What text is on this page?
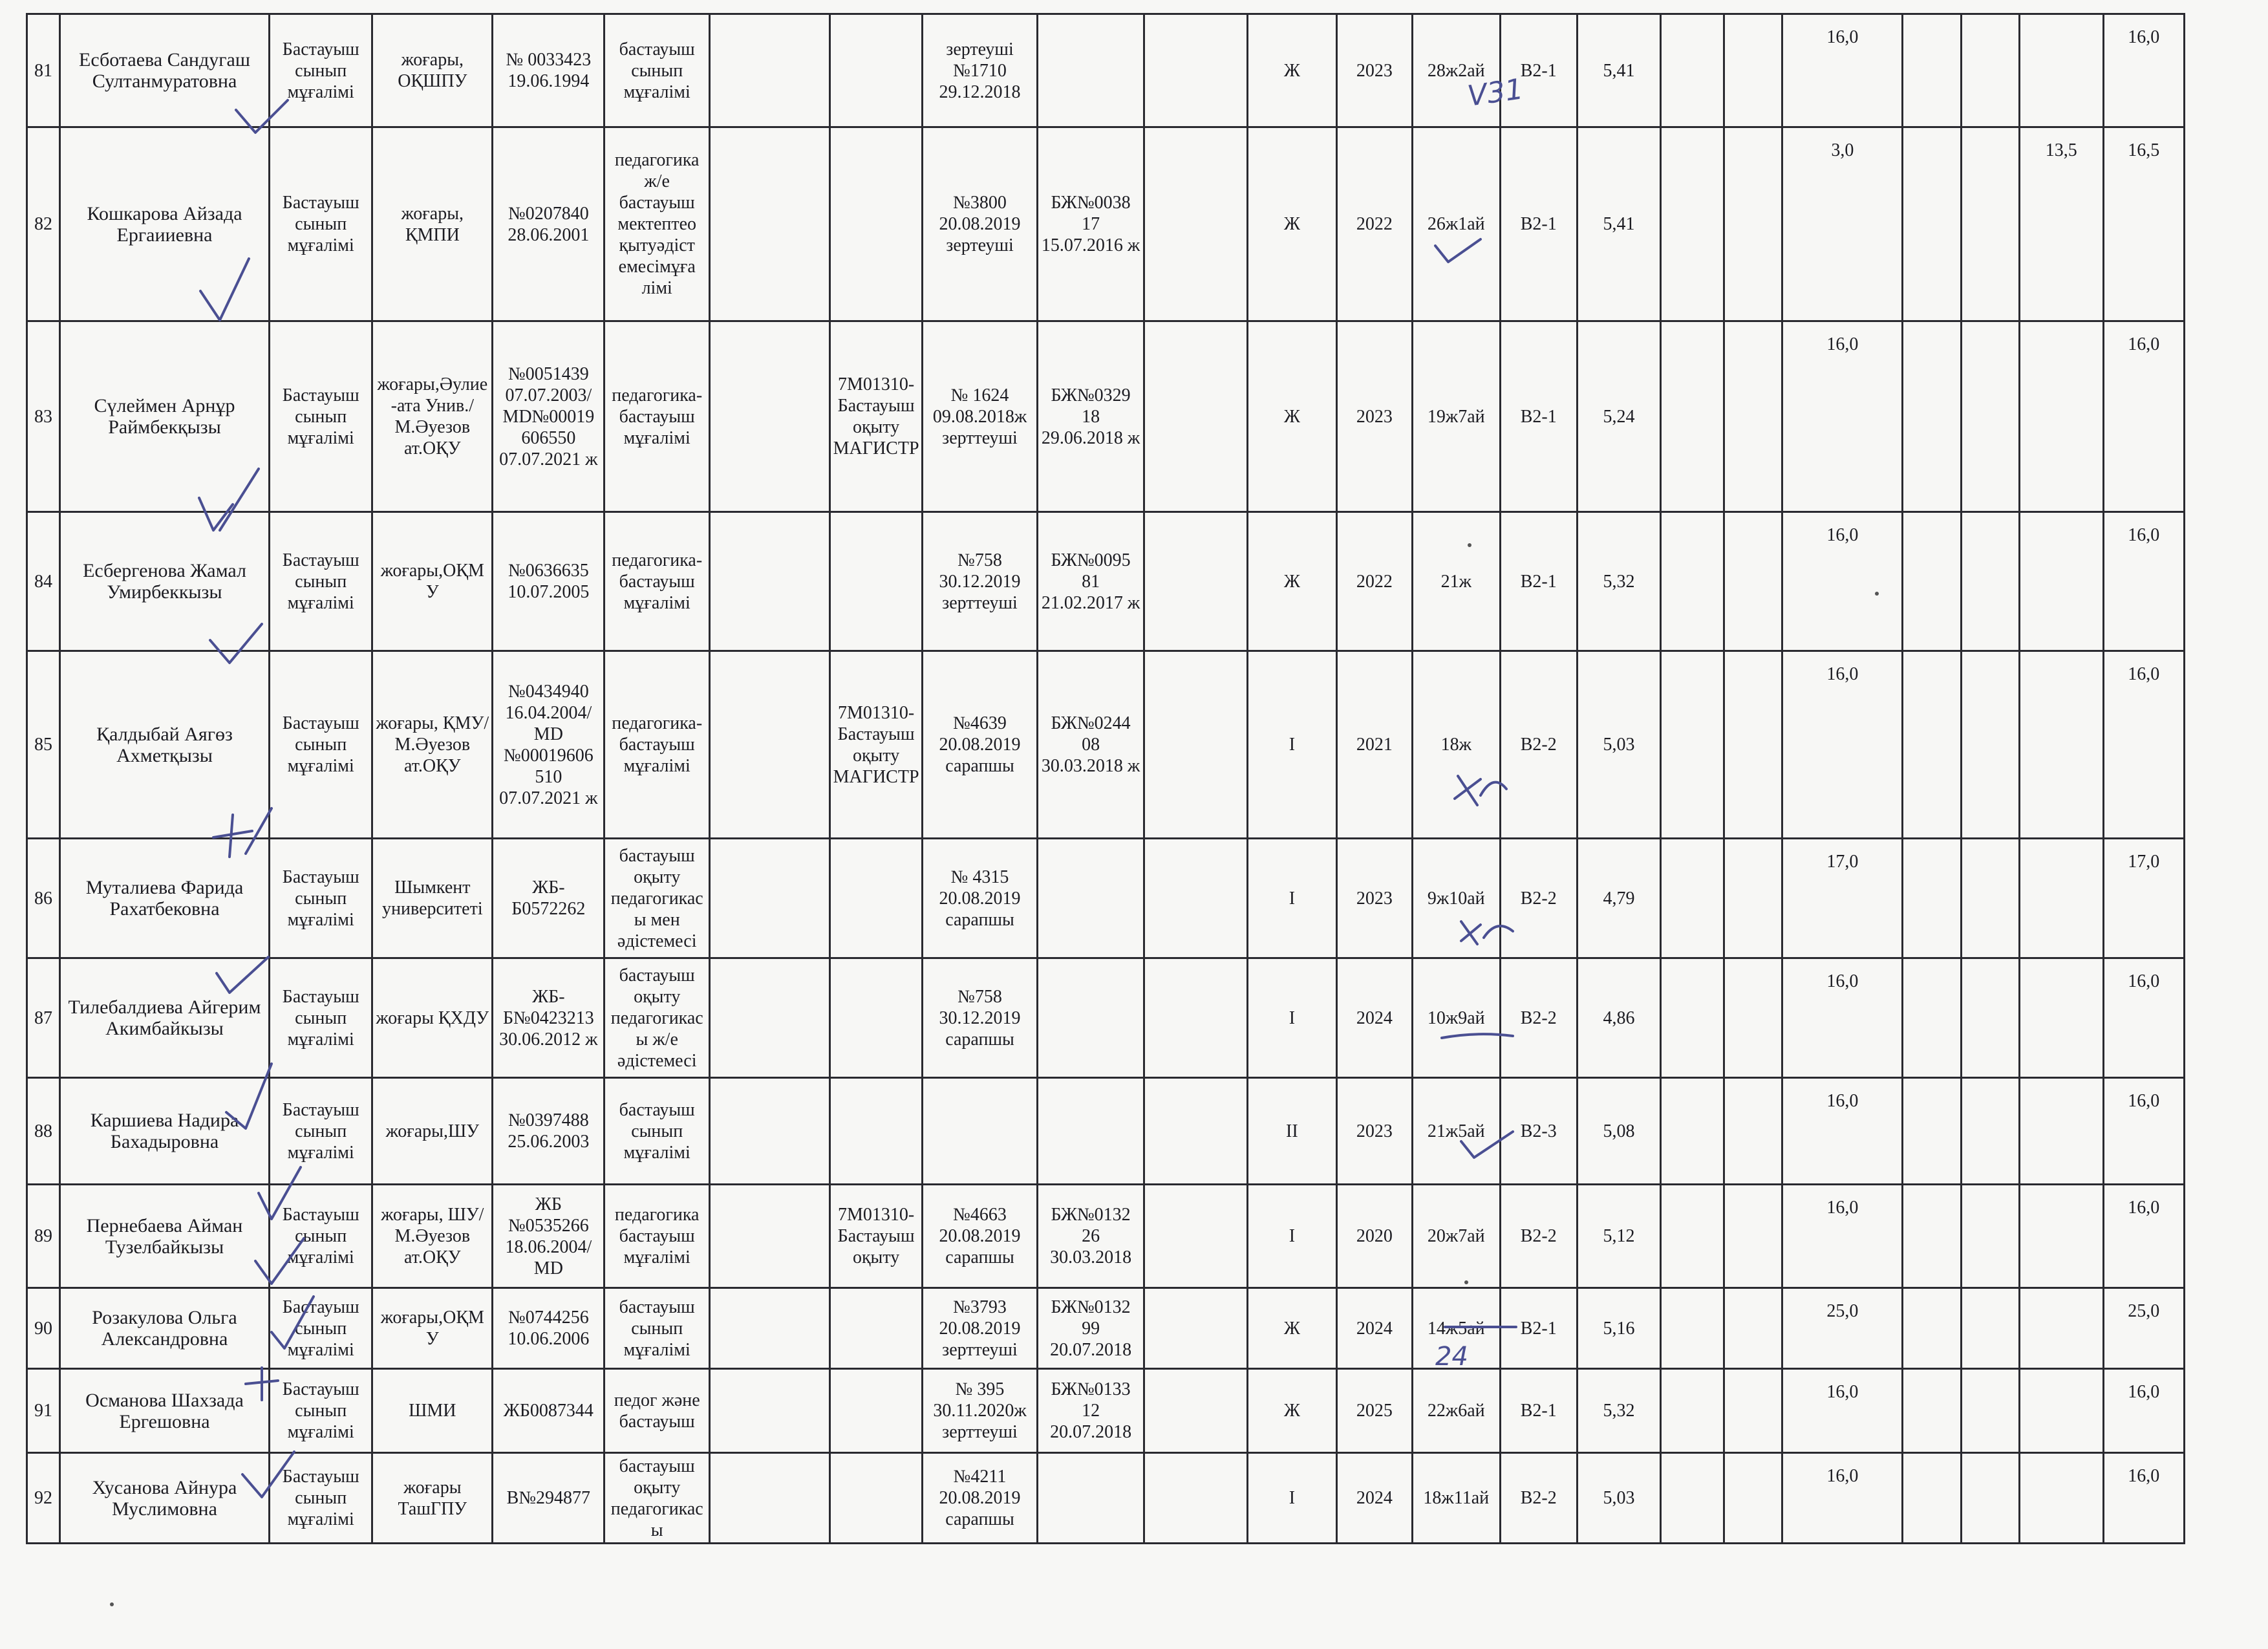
81	Есботаева Сандугаш Султанмуратовна	Бастауыш сынып мұғалімі	жоғары, ОҚШПУ	№ 0033423 19.06.1994	бастауыш сынып мұғалімі			зертеуші №1710 29.12.2018			Ж	2023	28ж2ай	В2-1	5,41			16,0				16,0

82	Кошкарова Айзада Ергаииевна	Бастауыш сынып мұғалімі	жоғары, ҚМПИ	№0207840 28.06.2001	педагогика ж/е бастауыш мектептео қытуәдіст емесімұға лімі			№3800 20.08.2019 зертеуші	БЖ№0038 17 15.07.2016 ж		Ж	2022	26ж1ай	В2-1	5,41			3,0			13,5	16,5

83	Сүлеймен Арнұр Раймбекқызы	Бастауыш сынып мұғалімі	жоғары,Әулие-ата Унив./ М.Әуезов ат.ОҚУ	№0051439 07.07.2003/ MD№00019 606550 07.07.2021 ж	педагогика-бастауыш мұғалімі		7М01310-Бастауыш оқыту МАГИСТР	№ 1624 09.08.2018ж зерттеуші	БЖ№0329 18 29.06.2018 ж		Ж	2023	19ж7ай	В2-1	5,24			16,0				16,0

84	Есбергенова Жамал Умирбеккызы	Бастауыш сынып мұғалімі	жоғары,ОҚМУ	№0636635 10.07.2005	педагогика-бастауыш мұғалімі			№758 30.12.2019 зерттеуші	БЖ№0095 81 21.02.2017 ж		Ж	2022	21ж	В2-1	5,32			16,0				16,0

85	Қалдыбай Аягөз Ахметқызы	Бастауыш сынып мұғалімі	жоғары, ҚМУ/М.Әуезов ат.ОҚУ	№0434940 16.04.2004/ MD №00019606 510 07.07.2021 ж	педагогика-бастауыш мұғалімі		7М01310-Бастауыш оқыту МАГИСТР	№4639 20.08.2019 сарапшы	БЖ№0244 08 30.03.2018 ж		I	2021	18ж	В2-2	5,03			16,0				16,0

86	Муталиева Фарида Рахатбековна	Бастауыш сынып мұғалімі	Шымкент университеті	ЖБ-Б0572262	бастауыш оқыту педагогикасы мен әдістемесі			№ 4315 20.08.2019 сарапшы			I	2023	9ж10ай	В2-2	4,79			17,0				17,0

87	Тилебалдиева Айгерим Акимбайкызы	Бастауыш сынып мұғалімі	жоғары ҚХДУ	ЖБ-Б№0423213 30.06.2012 ж	бастауыш оқыту педагогикасы ж/е әдістемесі			№758 30.12.2019 сарапшы			I	2024	10ж9ай	В2-2	4,86			16,0				16,0

88	Каршиева Надира Бахадыровна	Бастауыш сынып мұғалімі	жоғары,ШУ	№0397488 25.06.2003	бастауыш сынып мұғалімі						II	2023	21ж5ай	В2-3	5,08			16,0				16,0

89	Пернебаева Айман Тузелбайкызы	Бастауыш сынып мұғалімі	жоғары, ШУ/М.Әуезов ат.ОҚУ	ЖБ №0535266 18.06.2004/ MD	педагогика бастауыш мұғалімі		7М01310-Бастауыш оқыту	№4663 20.08.2019 сарапшы	БЖ№0132 26 30.03.2018		I	2020	20ж7ай	В2-2	5,12			16,0				16,0

90	Розакулова Ольга Александровна	Бастауыш сынып мұғалімі	жоғары,ОҚМУ	№0744256 10.06.2006	бастауыш сынып мұғалімі			№3793 20.08.2019 зерттеуші	БЖ№0132 99 20.07.2018		Ж	2024	14ж5ай	В2-1	5,16			25,0				25,0

91	Османова Шахзада Ергешовна	Бастауыш сынып мұғалімі	ШМИ	ЖБ0087344	педог және бастауыш			№ 395 30.11.2020ж зерттеуші	БЖ№0133 12 20.07.2018		Ж	2025	22ж6ай	В2-1	5,32			16,0				16,0

92	Хусанова Айнура Муслимовна	Бастауыш сынып мұғалімі	жоғары ТашГПУ	В№294877	бастауыш оқыту педагогикасы			№4211 20.08.2019 сарапшы			I	2024	18ж11ай	В2-2	5,03			16,0				16,0
V31
24
